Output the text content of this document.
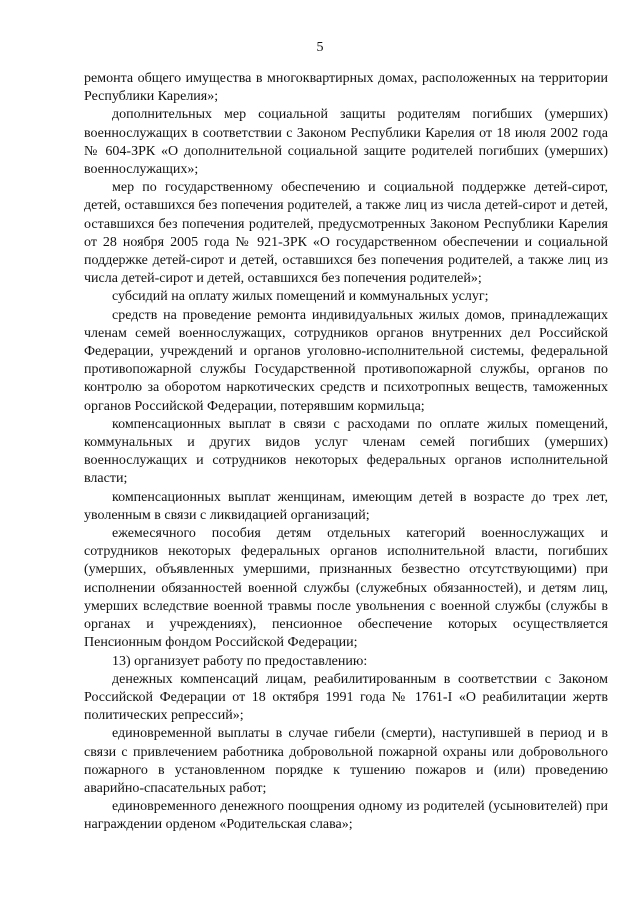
5

ремонта общего имущества в многоквартирных домах, расположенных на территории Республики Карелия»;

дополнительных мер социальной защиты родителям погибших (умерших) военнослужащих в соответствии с Законом Республики Карелия от 18 июля 2002 года № 604-ЗРК «О дополнительной социальной защите родителей погибших (умерших) военнослужащих»;

мер по государственному обеспечению и социальной поддержке детей-сирот, детей, оставшихся без попечения родителей, а также лиц из числа детей-сирот и детей, оставшихся без попечения родителей, предусмотренных Законом Республики Карелия от 28 ноября 2005 года № 921-ЗРК «О государственном обеспечении и социальной поддержке детей-сирот и детей, оставшихся без попечения родителей, а также лиц из числа детей-сирот и детей, оставшихся без попечения родителей»;

субсидий на оплату жилых помещений и коммунальных услуг;

средств на проведение ремонта индивидуальных жилых домов, принадлежащих членам семей военнослужащих, сотрудников органов внутренних дел Российской Федерации, учреждений и органов уголовно-исполнительной системы, федеральной противопожарной службы Государственной противопожарной службы, органов по контролю за оборотом наркотических средств и психотропных веществ, таможенных органов Российской Федерации, потерявшим кормильца;

компенсационных выплат в связи с расходами по оплате жилых помещений, коммунальных и других видов услуг членам семей погибших (умерших) военнослужащих и сотрудников некоторых федеральных органов исполнительной власти;

компенсационных выплат женщинам, имеющим детей в возрасте до трех лет, уволенным в связи с ликвидацией организаций;

ежемесячного пособия детям отдельных категорий военнослужащих и сотрудников некоторых федеральных органов исполнительной власти, погибших (умерших, объявленных умершими, признанных безвестно отсутствующими) при исполнении обязанностей военной службы (служебных обязанностей), и детям лиц, умерших вследствие военной травмы после увольнения с военной службы (службы в органах и учреждениях), пенсионное обеспечение которых осуществляется Пенсионным фондом Российской Федерации;

13) организует работу по предоставлению:

денежных компенсаций лицам, реабилитированным в соответствии с Законом Российской Федерации от 18 октября 1991 года № 1761-I «О реабилитации жертв политических репрессий»;

единовременной выплаты в случае гибели (смерти), наступившей в период и в связи с привлечением работника добровольной пожарной охраны или добровольного пожарного в установленном порядке к тушению пожаров и (или) проведению аварийно-спасательных работ;

единовременного денежного поощрения одному из родителей (усыновителей) при награждении орденом «Родительская слава»;
